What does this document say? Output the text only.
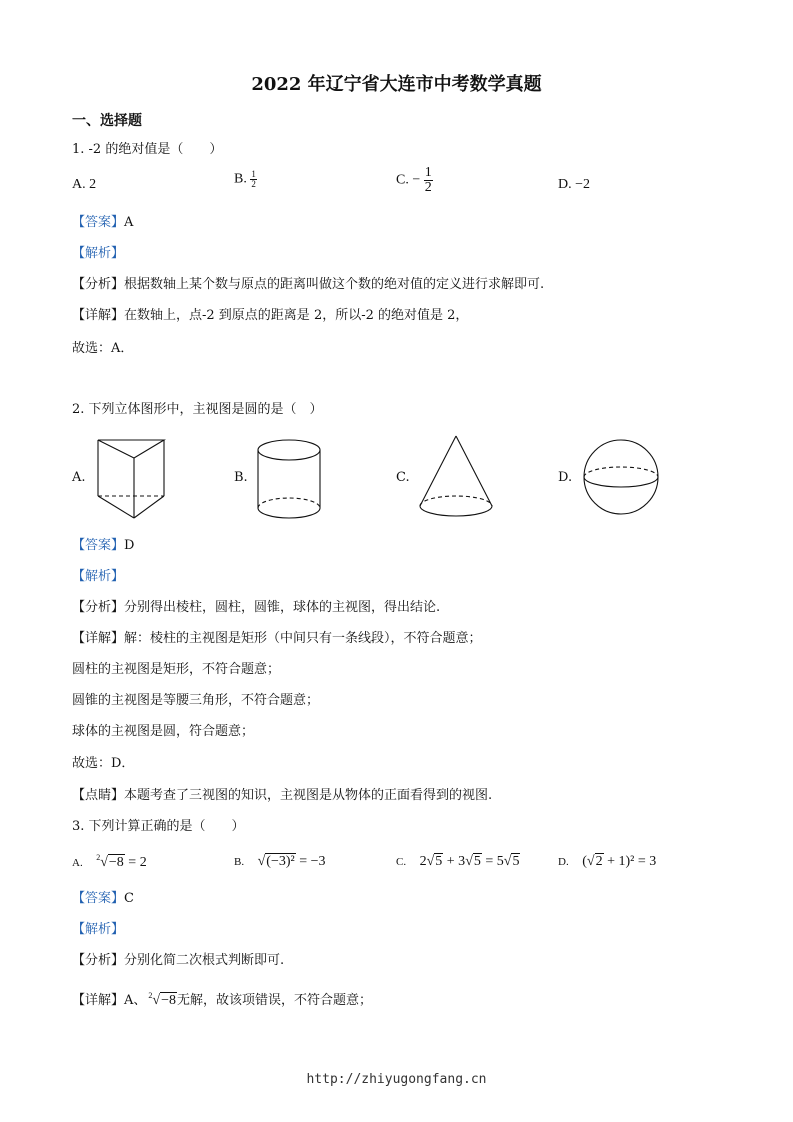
2022 年辽宁省大连市中考数学真题
一、选择题
1. -2 的绝对值是（　　）
A. 2	B. $\frac{1}{2}$	C. − $\frac{1}{2}$	D. −2
【答案】A
【解析】
【分析】根据数轴上某个数与原点的距离叫做这个数的绝对值的定义进行求解即可.
【详解】在数轴上，点-2 到原点的距离是 2，所以-2 的绝对值是 2，
故选：A．
2. 下列立体图形中，主视图是圆的是（　）
A.	B.	C.	D.
【答案】D
【解析】
【分析】分别得出棱柱，圆柱，圆锥，球体的主视图，得出结论.
【详解】解：棱柱的主视图是矩形（中间只有一条线段），不符合题意；
圆柱的主视图是矩形，不符合题意；
圆锥的主视图是等腰三角形，不符合题意；
球体的主视图是圆，符合题意；
故选：D．
【点睛】本题考查了三视图的知识，主视图是从物体的正面看得到的视图.
3. 下列计算正确的是（　　）
A. $^2$√−8 = 2	B. √(−3)² = −3	C. 2√5 + 3√5 = 5√5	D. (√2 + 1)² = 3
【答案】C
【解析】
【分析】分别化简二次根式判断即可.
【详解】A、 $^2$√−8无解，故该项错误，不符合题意；
http://zhiyugongfang.cn
